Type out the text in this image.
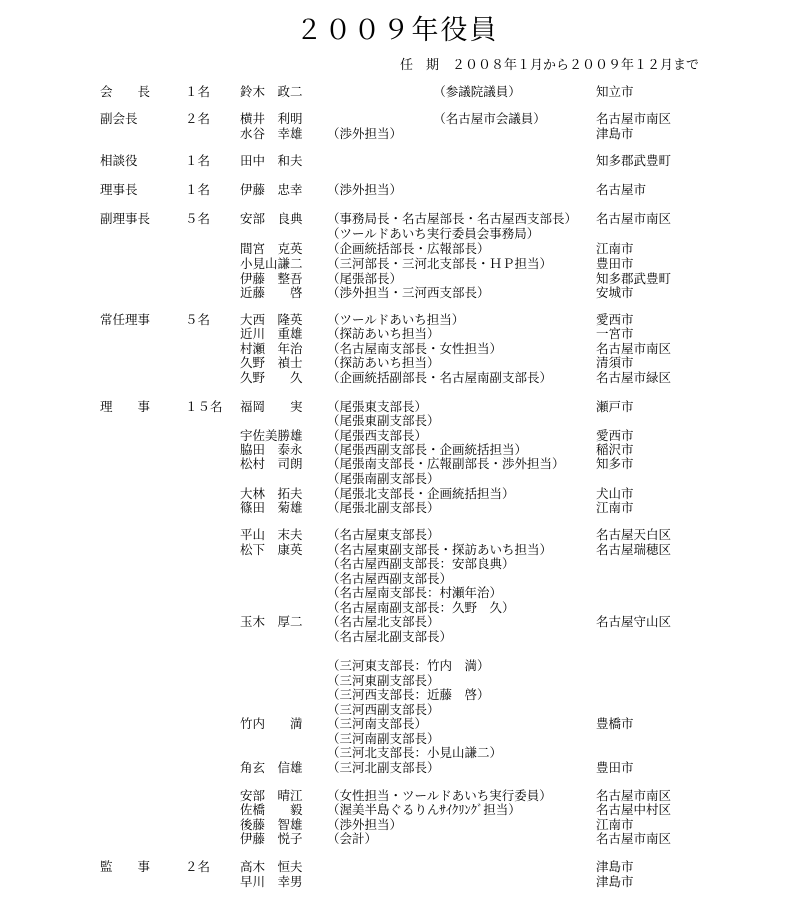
２００９年役員
任　期　２００８年１月から２００９年１２月まで
会　　長	１名 鈴木　政二 　　　　　　　　　（参議院議員）	知立市
副会長	２名 横井　利明 　　　　　　　　　（名古屋市会議員）	名古屋市南区
水谷　幸雄 （渉外担当）	津島市
相談役	１名 田中　和夫	知多郡武豊町
理事長	１名 伊藤　忠幸 （渉外担当）	名古屋市
副理事長	５名 安部　良典 （事務局長・名古屋部長・名古屋西支部長） 名古屋市南区
（ツールドあいち実行委員会事務局）
間宮　克英 （企画統括部長・広報部長）	江南市
小見山謙二 （三河部長・三河北支部長・ＨＰ担当）	豊田市
伊藤　整吾 （尾張部長）	知多郡武豊町
近藤　　啓 （渉外担当・三河西支部長）	安城市
常任理事	５名 大西　隆英 （ツールドあいち担当）	愛西市
近川　重雄 （探訪あいち担当）	一宮市
村瀬　年治 （名古屋南支部長・女性担当）	名古屋市南区
久野　禎士 （探訪あいち担当）	清須市
久野　　久 （企画統括副部長・名古屋南副支部長）	名古屋市緑区
理　　事	１５名 福岡　　実 （尾張東支部長）	瀬戸市
（尾張東副支部長）
宇佐美勝雄 （尾張西支部長）	愛西市
脇田　泰永 （尾張西副支部長・企画統括担当）	稲沢市
松村　司朗 （尾張南支部長・広報副部長・渉外担当）	知多市
（尾張南副支部長）
大林　拓夫 （尾張北支部長・企画統括担当）	犬山市
篠田　菊雄 （尾張北副支部長）	江南市
平山　末夫 （名古屋東支部長）	名古屋天白区
松下　康英 （名古屋東副支部長・探訪あいち担当）	名古屋瑞穂区
（名古屋西副支部長：安部良典）
（名古屋西副支部長）
（名古屋南支部長：村瀬年治）
（名古屋南副支部長：久野　久）
玉木　厚二 （名古屋北支部長）	名古屋守山区
（名古屋北副支部長）
（三河東支部長：竹内　満）
（三河東副支部長）
（三河西支部長：近藤　啓）
（三河西副支部長）
竹内　　満 （三河南支部長）	豊橋市
（三河南副支部長）
（三河北支部長：小見山謙二）
角玄　信雄 （三河北副支部長）	豊田市
安部　晴江 （女性担当・ツールドあいち実行委員）	名古屋市南区
佐橋　　毅 （渥美半島ぐるりんｻｲｸﾘﾝｸﾞ担当）	名古屋中村区
後藤　智雄 （渉外担当）	江南市
伊藤　悦子 （会計）	名古屋市南区
監　　事	２名 高木　恒夫	津島市
早川　幸男	津島市
